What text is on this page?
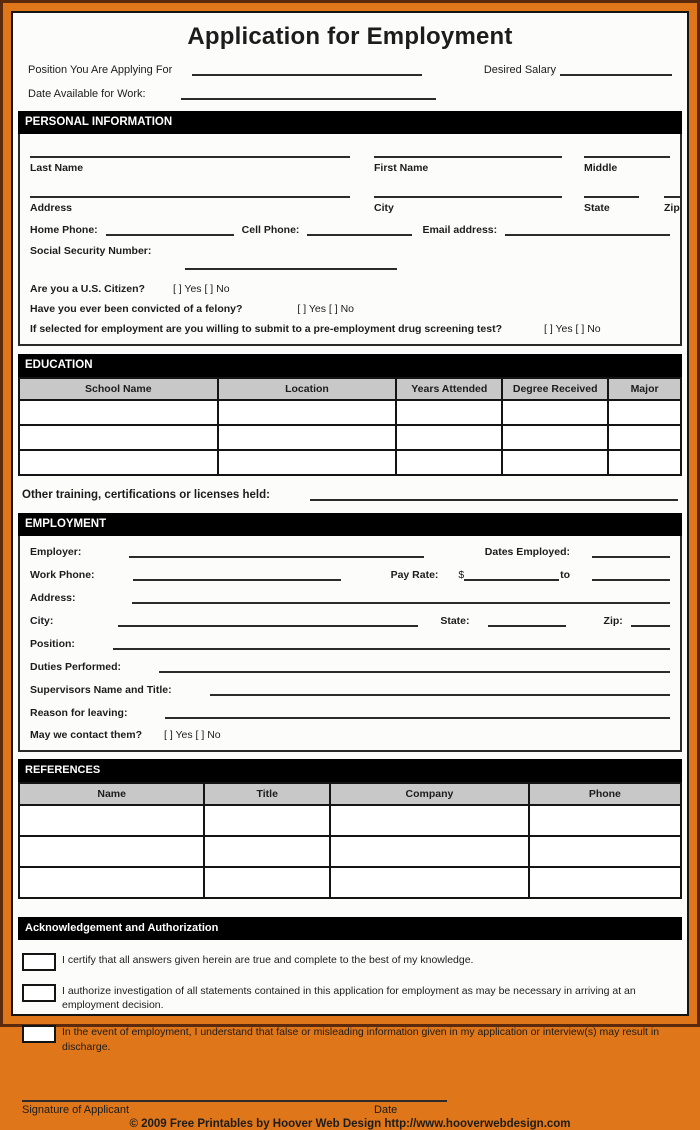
Application for Employment
Position You Are Applying For	Desired Salary
Date Available for Work:
PERSONAL INFORMATION
Last Name	First Name	Middle
Address	City	State	Zip
Home Phone:	Cell Phone:	Email address:
Social Security Number:
Are you a U.S. Citizen?	[ ] Yes [ ] No
Have you ever been convicted of a felony?	[ ] Yes [ ] No
If selected for employment are you willing to submit to a pre-employment drug screening test?	[ ] Yes [ ] No
EDUCATION
School Name	Location	Years Attended	Degree Received	Major

Other training, certifications or licenses held:
EMPLOYMENT
Employer:	Dates Employed:
Work Phone:	Pay Rate: $	to
Address:
City:	State:	Zip:
Position:
Duties Performed:
Supervisors Name and Title:
Reason for leaving:
May we contact them? [ ] Yes [ ] No
REFERENCES
Name	Title	Company	Phone

Acknowledgement and Authorization
I certify that all answers given herein are true and complete to the best of my knowledge.
I authorize investigation of all statements contained in this application for employment as may be necessary in arriving at an employment decision.
In the event of employment, I understand that false or misleading information given in my application or interview(s) may result in discharge.
Signature of Applicant	Date
© 2009 Free Printables by Hoover Web Design http://www.hooverwebdesign.com
